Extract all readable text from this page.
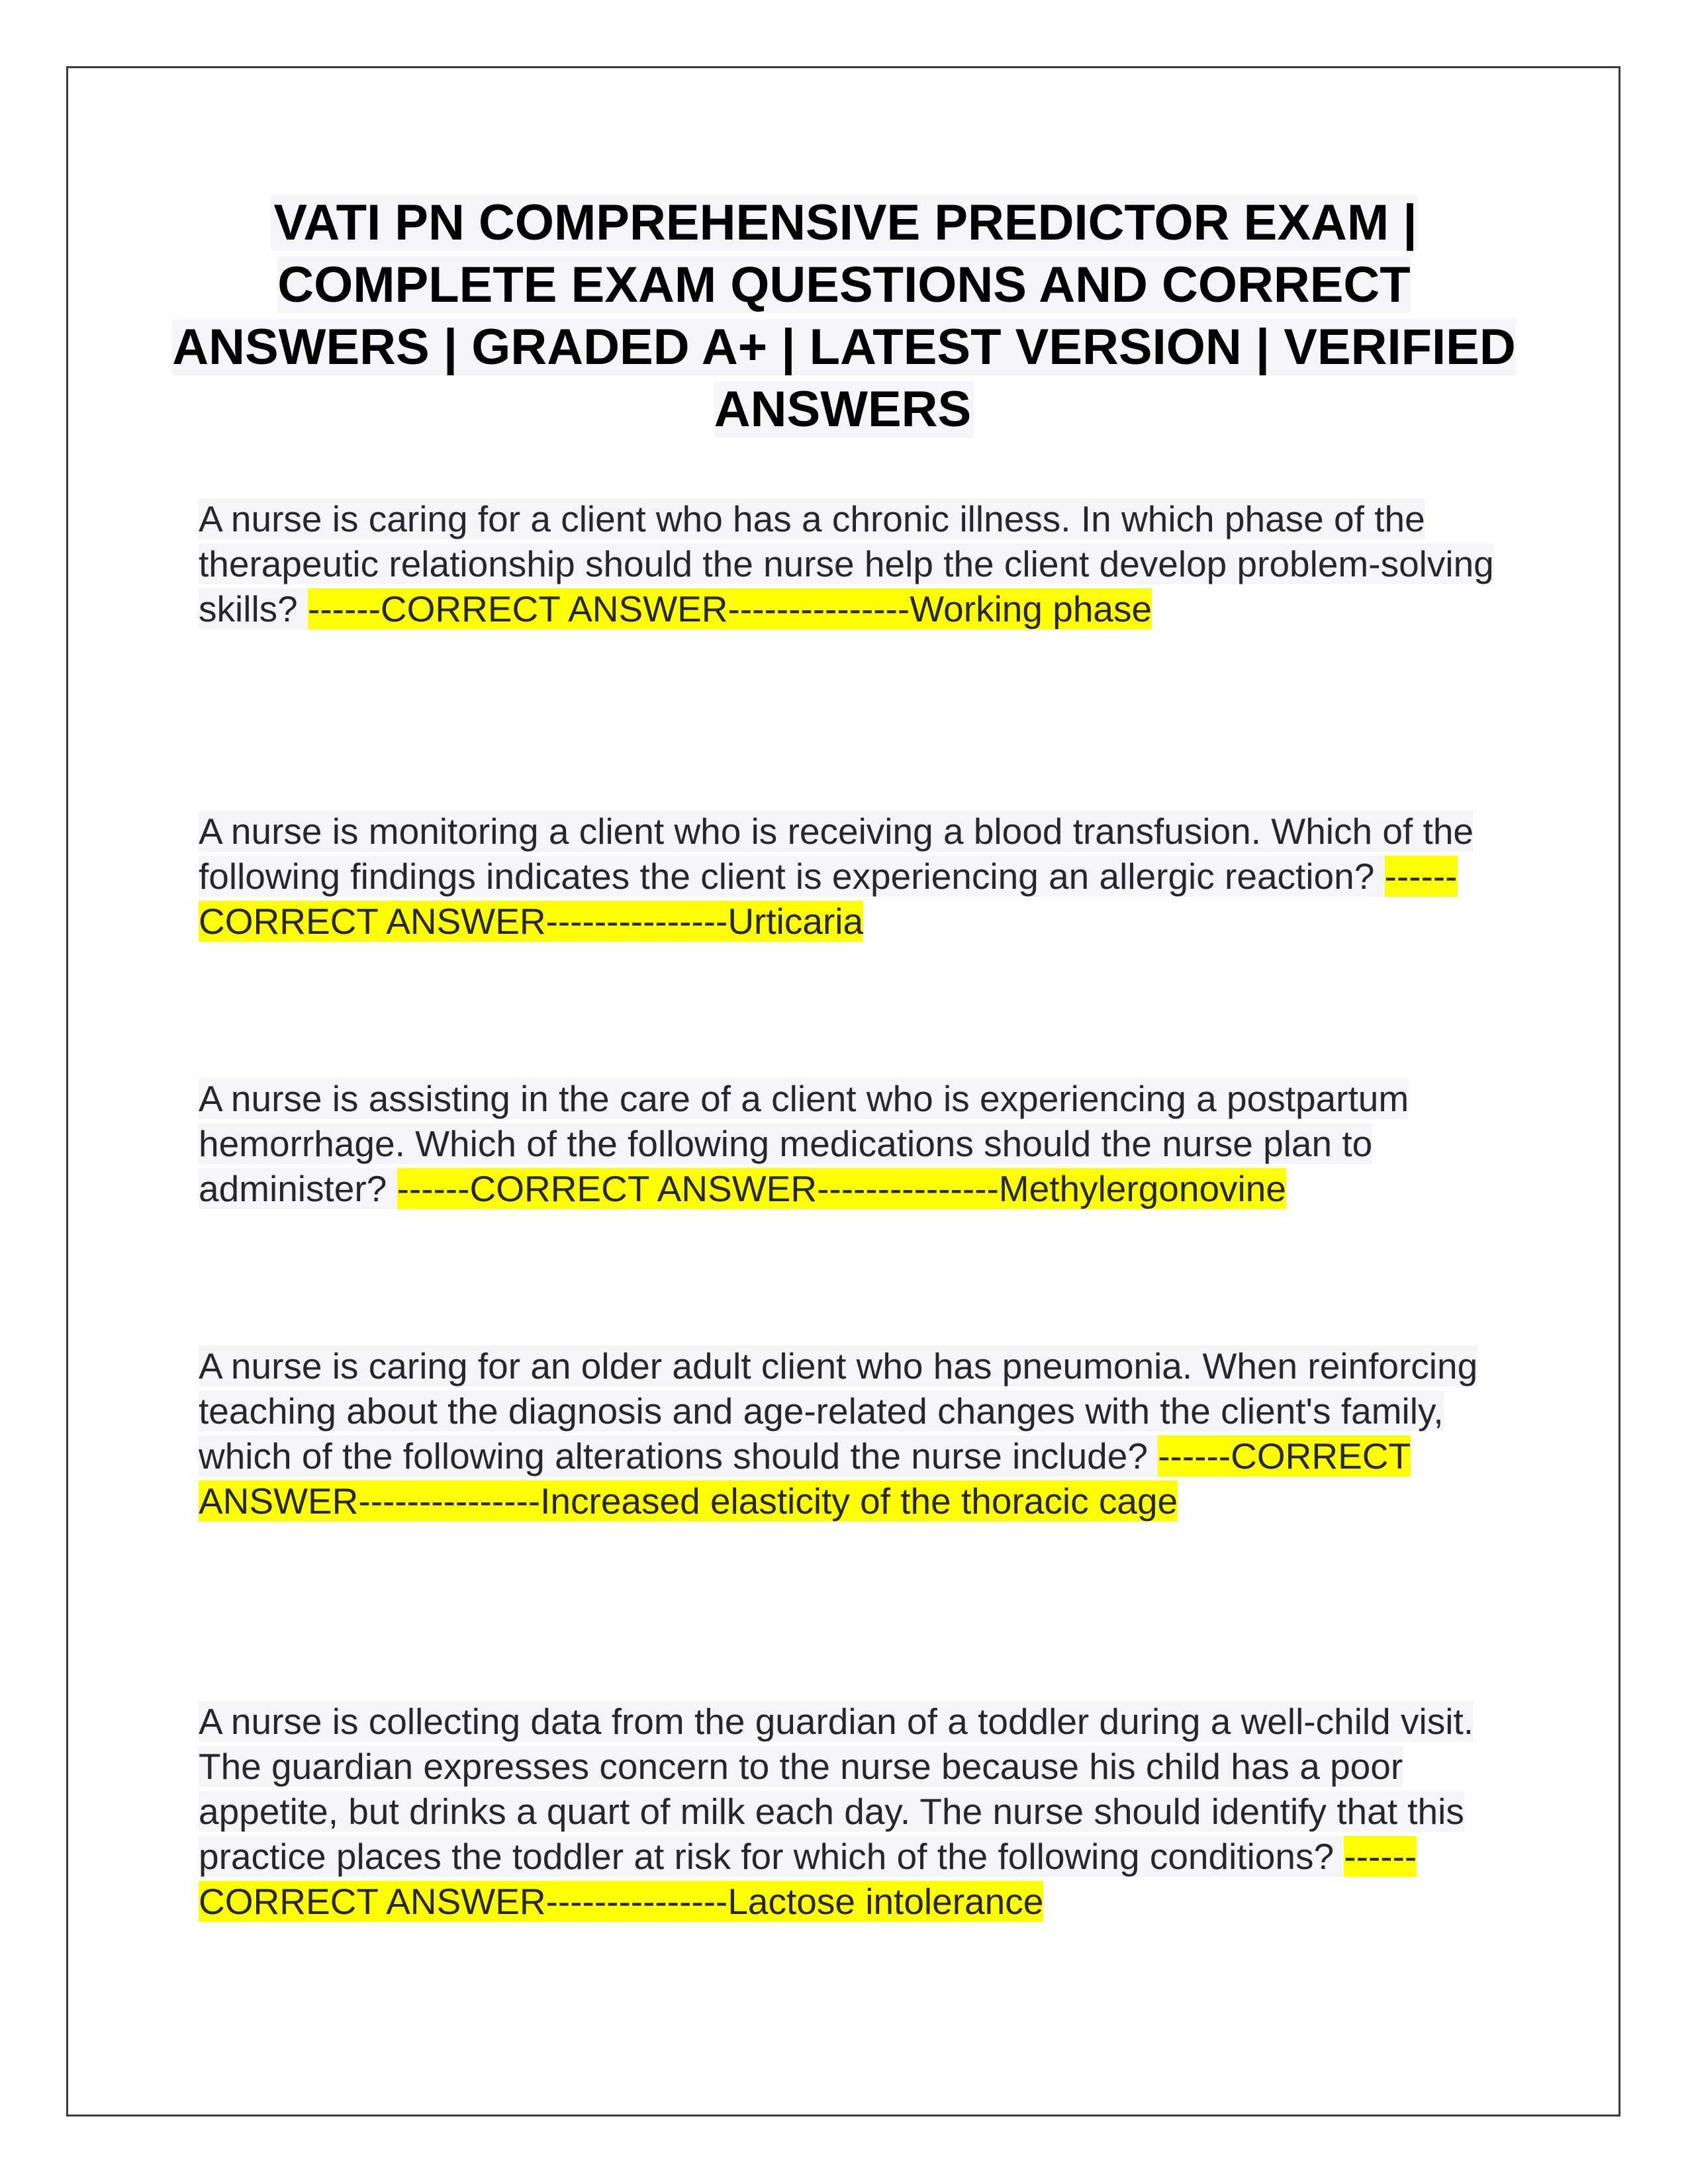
VATI PN COMPREHENSIVE PREDICTOR EXAM | COMPLETE EXAM QUESTIONS AND CORRECT ANSWERS | GRADED A+ | LATEST VERSION | VERIFIED ANSWERS

A nurse is caring for a client who has a chronic illness. In which phase of the therapeutic relationship should the nurse help the client develop problem-solving skills? ------CORRECT ANSWER---------------Working phase

A nurse is monitoring a client who is receiving a blood transfusion. Which of the following findings indicates the client is experiencing an allergic reaction? ------CORRECT ANSWER---------------Urticaria

A nurse is assisting in the care of a client who is experiencing a postpartum hemorrhage. Which of the following medications should the nurse plan to administer? ------CORRECT ANSWER---------------Methylergonovine

A nurse is caring for an older adult client who has pneumonia. When reinforcing teaching about the diagnosis and age-related changes with the client's family, which of the following alterations should the nurse include? ------CORRECT ANSWER---------------Increased elasticity of the thoracic cage

A nurse is collecting data from the guardian of a toddler during a well-child visit. The guardian expresses concern to the nurse because his child has a poor appetite, but drinks a quart of milk each day. The nurse should identify that this practice places the toddler at risk for which of the following conditions? ------CORRECT ANSWER---------------Lactose intolerance
